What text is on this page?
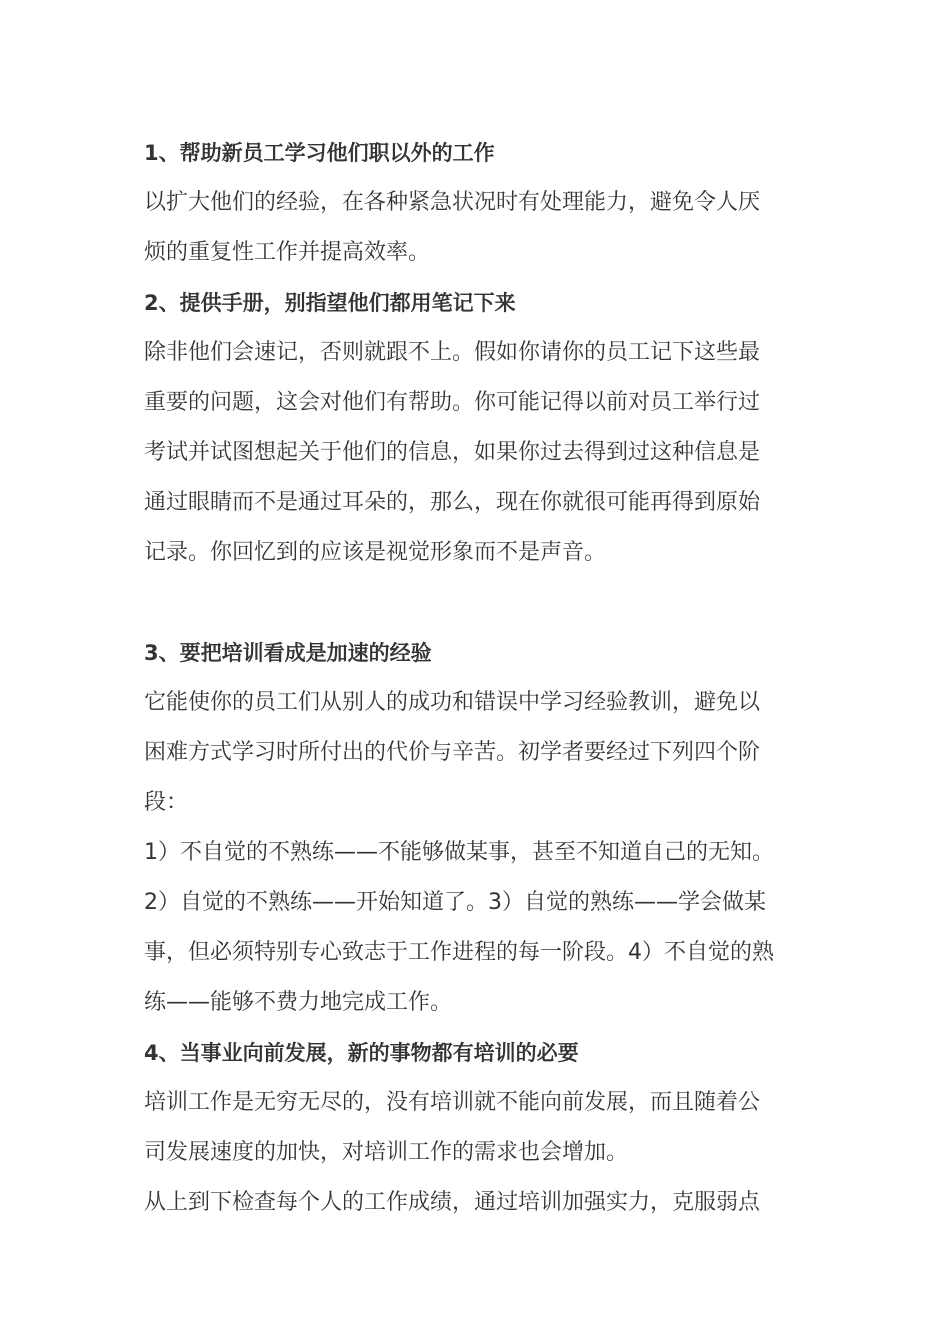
1、帮助新员工学习他们职以外的工作

以扩大他们的经验，在各种紧急状况时有处理能力，避免令人厌
烦的重复性工作并提高效率。

2、提供手册，别指望他们都用笔记下来

除非他们会速记，否则就跟不上。假如你请你的员工记下这些最
重要的问题，这会对他们有帮助。你可能记得以前对员工举行过
考试并试图想起关于他们的信息，如果你过去得到过这种信息是
通过眼睛而不是通过耳朵的，那么，现在你就很可能再得到原始
记录。你回忆到的应该是视觉形象而不是声音。

3、要把培训看成是加速的经验

它能使你的员工们从别人的成功和错误中学习经验教训，避免以
困难方式学习时所付出的代价与辛苦。初学者要经过下列四个阶
段：

1）不自觉的不熟练——不能够做某事，甚至不知道自己的无知。

2）自觉的不熟练——开始知道了。3）自觉的熟练——学会做某
事，但必须特别专心致志于工作进程的每一阶段。4）不自觉的熟
练——能够不费力地完成工作。

4、当事业向前发展，新的事物都有培训的必要

培训工作是无穷无尽的，没有培训就不能向前发展，而且随着公
司发展速度的加快，对培训工作的需求也会增加。

从上到下检查每个人的工作成绩，通过培训加强实力，克服弱点
